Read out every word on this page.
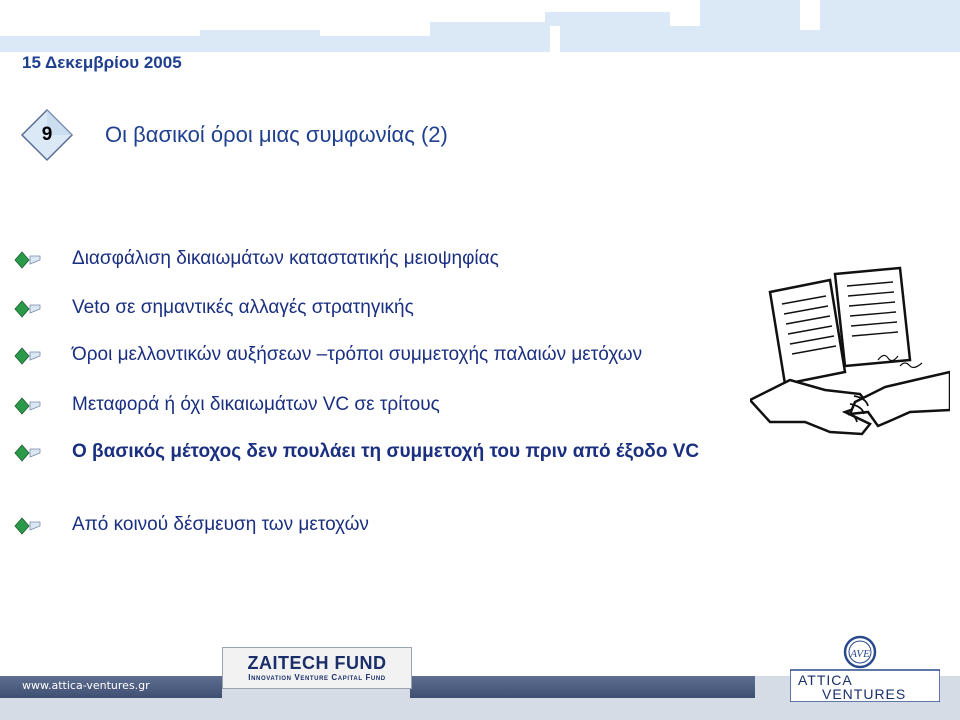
15 Δεκεμβρίου 2005
9	Οι βασικοί όροι μιας συμφωνίας (2)
Διασφάλιση δικαιωμάτων καταστατικής μειοψηφίας
Veto σε σημαντικές αλλαγές στρατηγικής
Όροι μελλοντικών αυξήσεων –τρόποι συμμετοχής παλαιών μετόχων
Μεταφορά ή όχι δικαιωμάτων VC σε τρίτους
Ο βασικός μέτοχος δεν πουλάει τη συμμετοχή του πριν από έξοδο VC
Από κοινού δέσμευση των μετοχών
www.attica-ventures.gr
ZAITECH FUND
Innovation Venture Capital Fund
AVE
ATTICA
VENTURES
